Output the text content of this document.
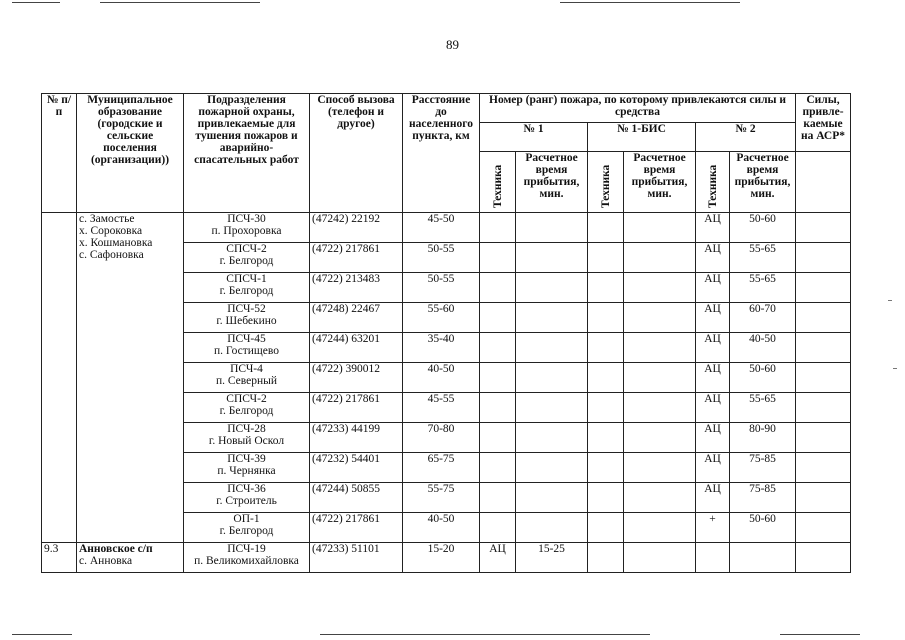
89
№ п/п	Муниципальное образование (городские и сельские поселения (организации))	Подразделения пожарной охраны, привлекаемые для тушения пожаров и аварийно-спасательных работ	Способ вызова (телефон и другое)	Расстояние до населенного пункта, км	Номер (ранг) пожара, по которому привлекаются силы и средства						Силы, привле-каемые на АСР*
					№ 1		№ 1-БИС		№ 2		

					Техника	Расчетное время прибытия, мин.	Техника	Расчетное время прибытия, мин.	Техника	Расчетное время прибытия, мин.	
	с. Замостье
х. Сороковка
х. Кошмановка
с. Сафоновка	ПСЧ-30
п. Прохоровка	(47242) 22192	45-50					АЦ	50-60	
		СПСЧ-2
г. Белгород	(4722) 217861	50-55					АЦ	55-65	
		СПСЧ-1
г. Белгород	(4722) 213483	50-55					АЦ	55-65	
		ПСЧ-52
г. Шебекино	(47248) 22467	55-60					АЦ	60-70	
		ПСЧ-45
п. Гостищево	(47244) 63201	35-40					АЦ	40-50	
		ПСЧ-4
п. Северный	(4722) 390012	40-50					АЦ	50-60	
		СПСЧ-2
г. Белгород	(4722) 217861	45-55					АЦ	55-65	
		ПСЧ-28
г. Новый Оскол	(47233) 44199	70-80					АЦ	80-90	
		ПСЧ-39
п. Чернянка	(47232) 54401	65-75					АЦ	75-85	
		ПСЧ-36
г. Строитель	(47244) 50855	55-75					АЦ	75-85	
		ОП-1
г. Белгород	(4722) 217861	40-50					+	50-60	
9.3	Анновское с/п
с. Анновка	ПСЧ-19
п. Великомихайловка	(47233) 51101	15-20	АЦ	15-25					
